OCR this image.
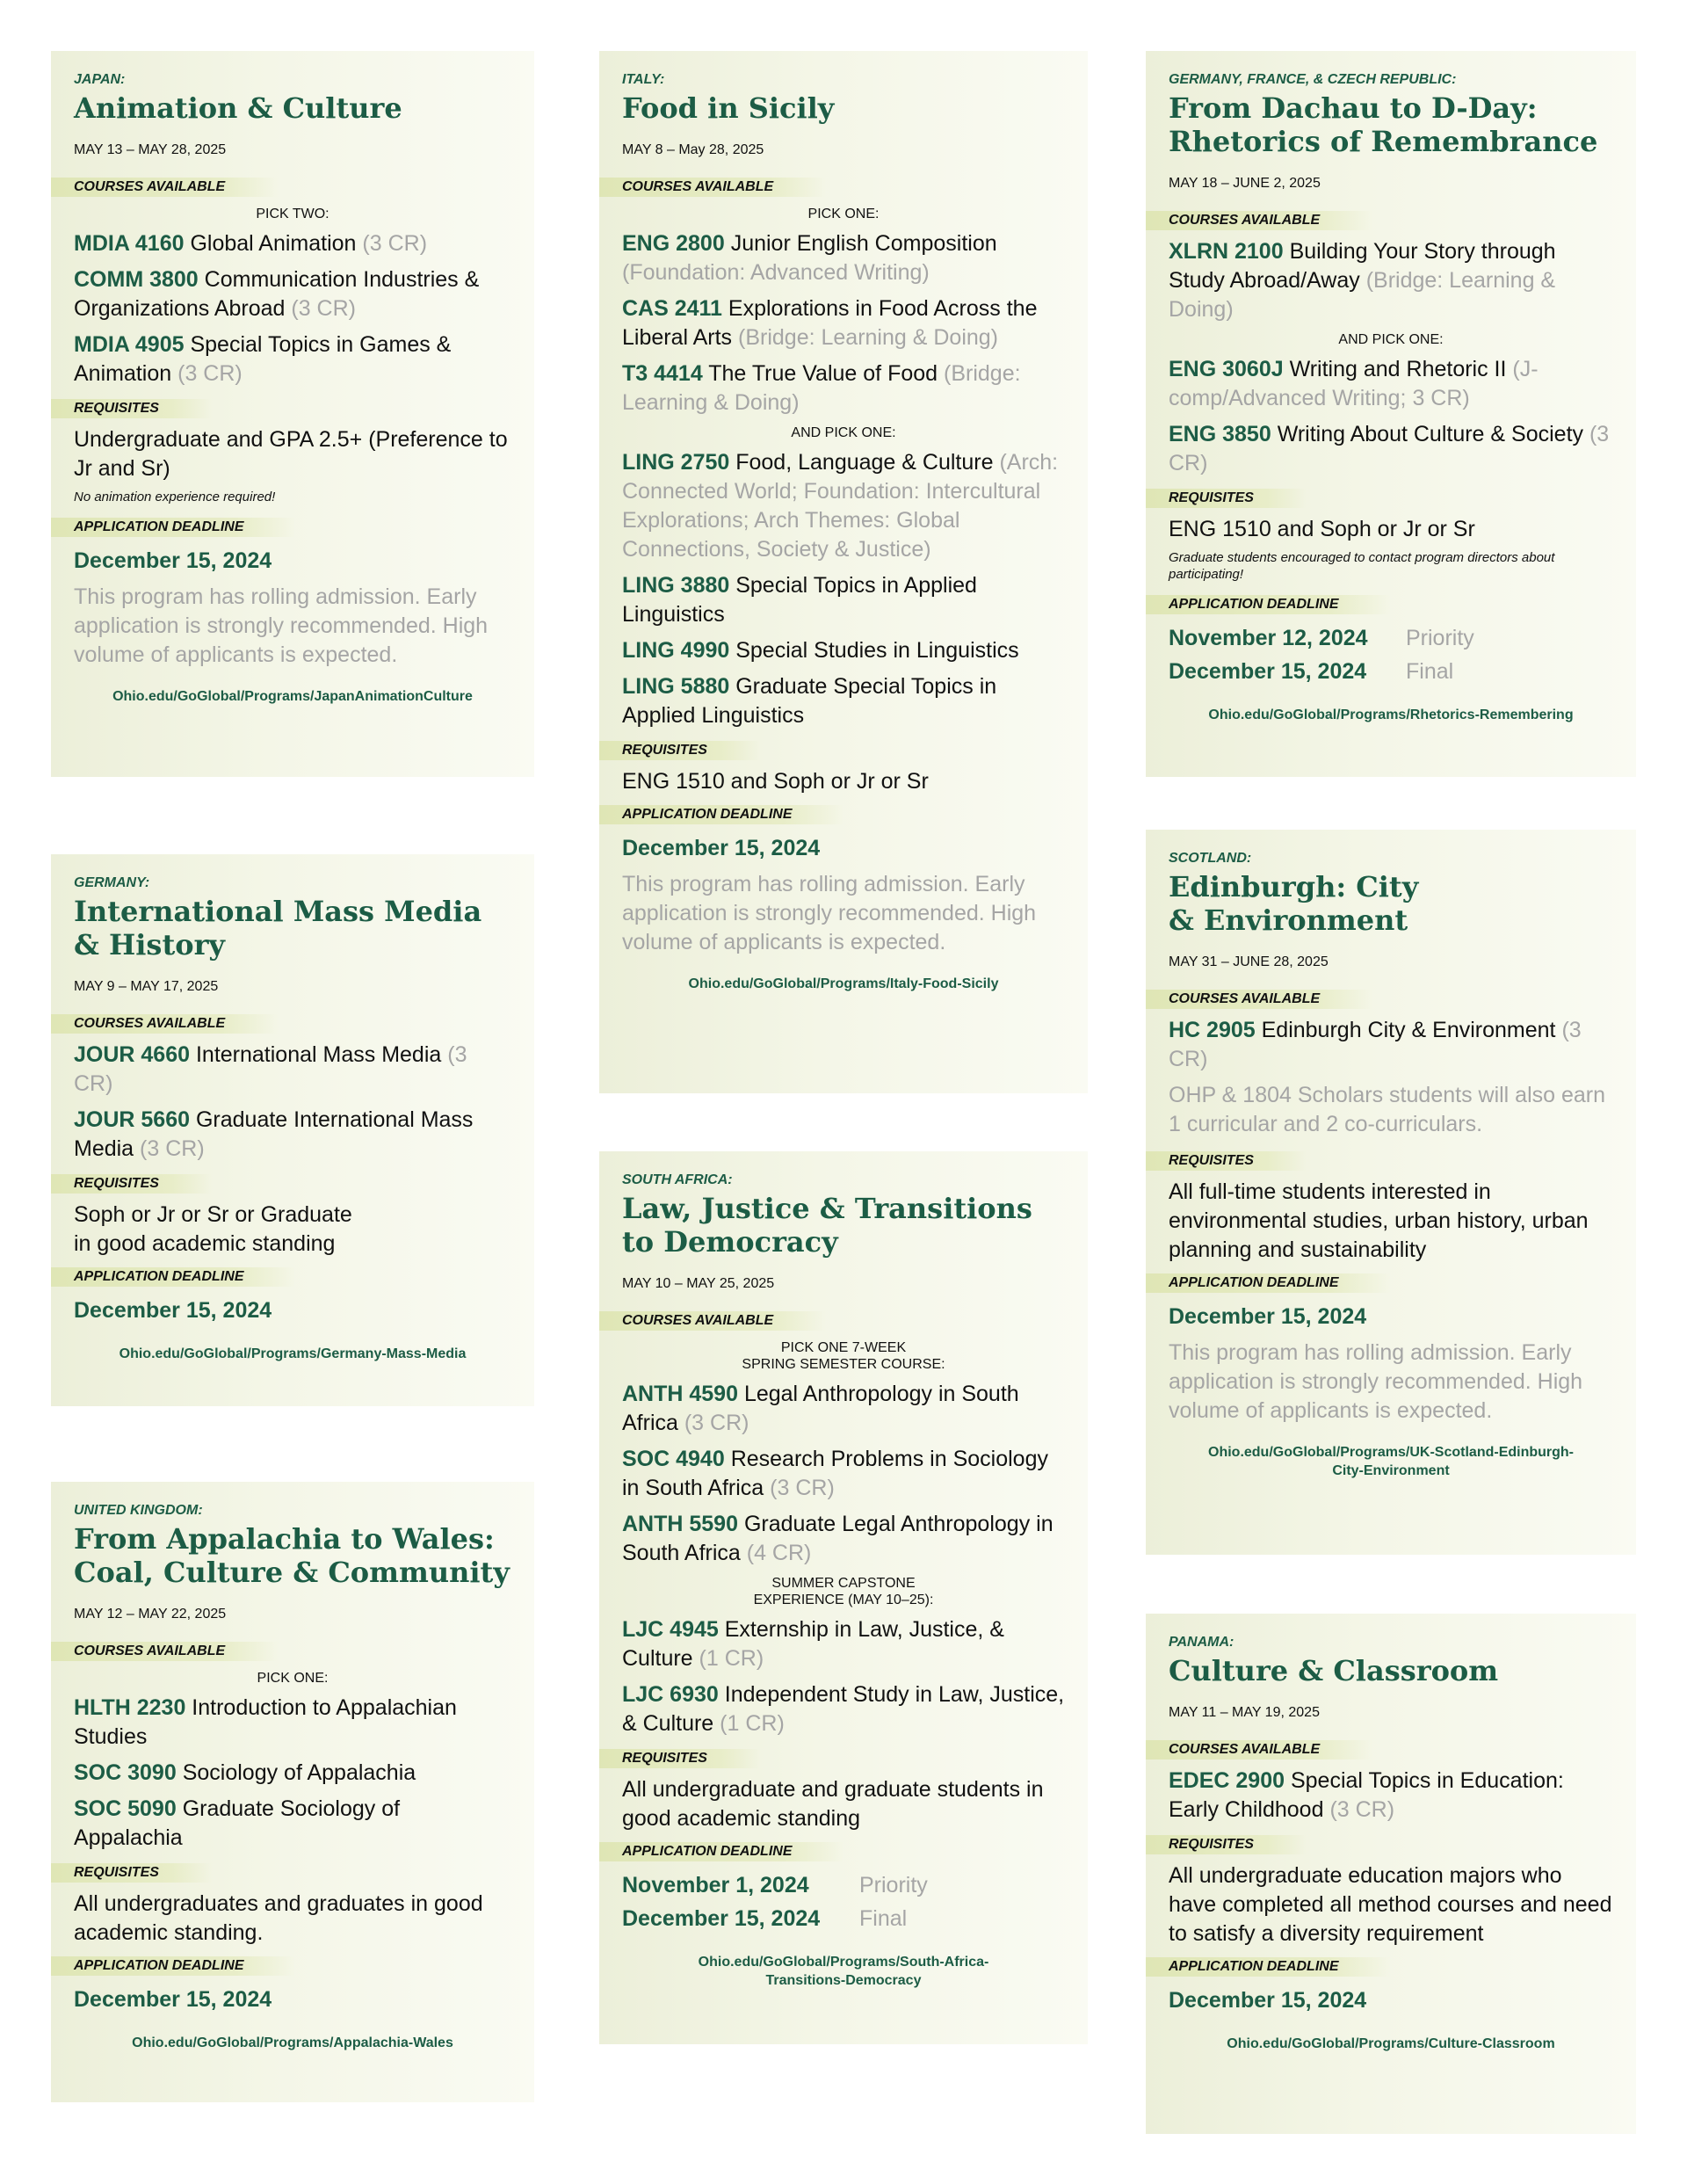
JAPAN:
Animation & Culture
MAY 13 – MAY 28, 2025
COURSES AVAILABLE
PICK TWO:
MDIA 4160 Global Animation (3 CR)
COMM 3800 Communication Industries & Organizations Abroad (3 CR)
MDIA 4905 Special Topics in Games & Animation (3 CR)
REQUISITES
Undergraduate and GPA 2.5+ (Preference to Jr and Sr)
No animation experience required!
APPLICATION DEADLINE
December 15, 2024
This program has rolling admission. Early application is strongly recommended. High volume of applicants is expected.
Ohio.edu/GoGlobal/Programs/JapanAnimationCulture
GERMANY:
International Mass Media
& History
MAY 9 – MAY 17, 2025
COURSES AVAILABLE
JOUR 4660 International Mass Media (3 CR)
JOUR 5660 Graduate International Mass Media (3 CR)
REQUISITES
Soph or Jr or Sr or Graduate
in good academic standing
APPLICATION DEADLINE
December 15, 2024
Ohio.edu/GoGlobal/Programs/Germany-Mass-Media
UNITED KINGDOM:
From Appalachia to Wales:
Coal, Culture & Community
MAY 12 – MAY 22, 2025
COURSES AVAILABLE
PICK ONE:
HLTH 2230 Introduction to Appalachian Studies
SOC 3090 Sociology of Appalachia
SOC 5090 Graduate Sociology of Appalachia
REQUISITES
All undergraduates and graduates in good academic standing.
APPLICATION DEADLINE
December 15, 2024
Ohio.edu/GoGlobal/Programs/Appalachia-Wales
ITALY:
Food in Sicily
MAY 8 – May 28, 2025
COURSES AVAILABLE
PICK ONE:
ENG 2800 Junior English Composition (Foundation: Advanced Writing)
CAS 2411 Explorations in Food Across the Liberal Arts (Bridge: Learning & Doing)
T3 4414 The True Value of Food (Bridge: Learning & Doing)
AND PICK ONE:
LING 2750 Food, Language & Culture (Arch: Connected World; Foundation: Intercultural Explorations; Arch Themes: Global Connections, Society & Justice)
LING 3880 Special Topics in Applied Linguistics
LING 4990 Special Studies in Linguistics
LING 5880 Graduate Special Topics in Applied Linguistics
REQUISITES
ENG 1510 and Soph or Jr or Sr
APPLICATION DEADLINE
December 15, 2024
This program has rolling admission. Early application is strongly recommended. High volume of applicants is expected.
Ohio.edu/GoGlobal/Programs/Italy-Food-Sicily
SOUTH AFRICA:
Law, Justice & Transitions
to Democracy
MAY 10 – MAY 25, 2025
COURSES AVAILABLE
PICK ONE 7-WEEK
SPRING SEMESTER COURSE:
ANTH 4590 Legal Anthropology in South Africa (3 CR)
SOC 4940 Research Problems in Sociology in South Africa (3 CR)
ANTH 5590 Graduate Legal Anthropology in South Africa (4 CR)
SUMMER CAPSTONE
EXPERIENCE (MAY 10–25):
LJC 4945 Externship in Law, Justice, & Culture (1 CR)
LJC 6930 Independent Study in Law, Justice, & Culture (1 CR)
REQUISITES
All undergraduate and graduate students in good academic standing
APPLICATION DEADLINE
November 1, 2024	Priority
December 15, 2024	Final
Ohio.edu/GoGlobal/Programs/South-Africa-
Transitions-Democracy
GERMANY, FRANCE, & CZECH REPUBLIC:
From Dachau to D-Day:
Rhetorics of Remembrance
MAY 18 – JUNE 2, 2025
COURSES AVAILABLE
XLRN 2100 Building Your Story through Study Abroad/Away (Bridge: Learning & Doing)
AND PICK ONE:
ENG 3060J Writing and Rhetoric II (J-comp/Advanced Writing; 3 CR)
ENG 3850 Writing About Culture & Society (3 CR)
REQUISITES
ENG 1510 and Soph or Jr or Sr
Graduate students encouraged to contact program directors about participating!
APPLICATION DEADLINE
November 12, 2024	Priority
December 15, 2024	Final
Ohio.edu/GoGlobal/Programs/Rhetorics-Remembering
SCOTLAND:
Edinburgh: City
& Environment
MAY 31 – JUNE 28, 2025
COURSES AVAILABLE
HC 2905 Edinburgh City & Environment (3 CR)
OHP & 1804 Scholars students will also earn 1 curricular and 2 co-curriculars.
REQUISITES
All full-time students interested in environmental studies, urban history, urban planning and sustainability
APPLICATION DEADLINE
December 15, 2024
This program has rolling admission. Early application is strongly recommended. High volume of applicants is expected.
Ohio.edu/GoGlobal/Programs/UK-Scotland-Edinburgh-
City-Environment
PANAMA:
Culture & Classroom
MAY 11 – MAY 19, 2025
COURSES AVAILABLE
EDEC 2900 Special Topics in Education: Early Childhood (3 CR)
REQUISITES
All undergraduate education majors who have completed all method courses and need to satisfy a diversity requirement
APPLICATION DEADLINE
December 15, 2024
Ohio.edu/GoGlobal/Programs/Culture-Classroom
